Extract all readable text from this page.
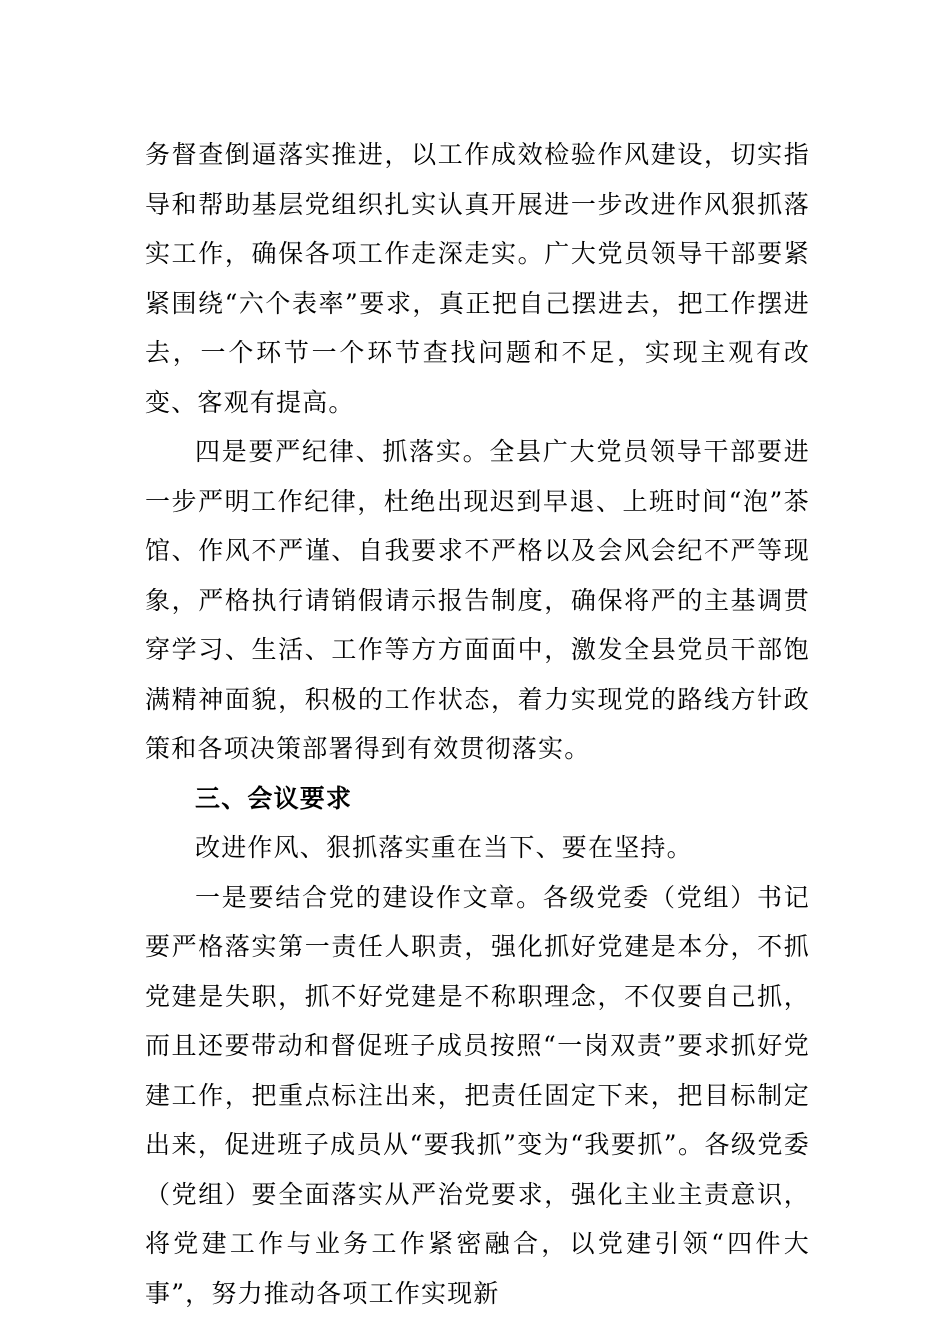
务督查倒逼落实推进，以工作成效检验作风建设，切实指导和帮助基层党组织扎实认真开展进一步改进作风狠抓落实工作，确保各项工作走深走实。广大党员领导干部要紧紧围绕“六个表率”要求，真正把自己摆进去，把工作摆进去，一个环节一个环节查找问题和不足，实现主观有改变、客观有提高。

四是要严纪律、抓落实。全县广大党员领导干部要进一步严明工作纪律，杜绝出现迟到早退、上班时间“泡”茶馆、作风不严谨、自我要求不严格以及会风会纪不严等现象，严格执行请销假请示报告制度，确保将严的主基调贯穿学习、生活、工作等方方面面中，激发全县党员干部饱满精神面貌，积极的工作状态，着力实现党的路线方针政策和各项决策部署得到有效贯彻落实。

三、会议要求

改进作风、狠抓落实重在当下、要在坚持。

一是要结合党的建设作文章。各级党委（党组）书记要严格落实第一责任人职责，强化抓好党建是本分，不抓党建是失职，抓不好党建是不称职理念，不仅要自己抓，而且还要带动和督促班子成员按照“一岗双责”要求抓好党建工作，把重点标注出来，把责任固定下来，把目标制定出来，促进班子成员从“要我抓”变为“我要抓”。各级党委（党组）要全面落实从严治党要求，强化主业主责意识，将党建工作与业务工作紧密融合，以党建引领“四件大事”，努力推动各项工作实现新
